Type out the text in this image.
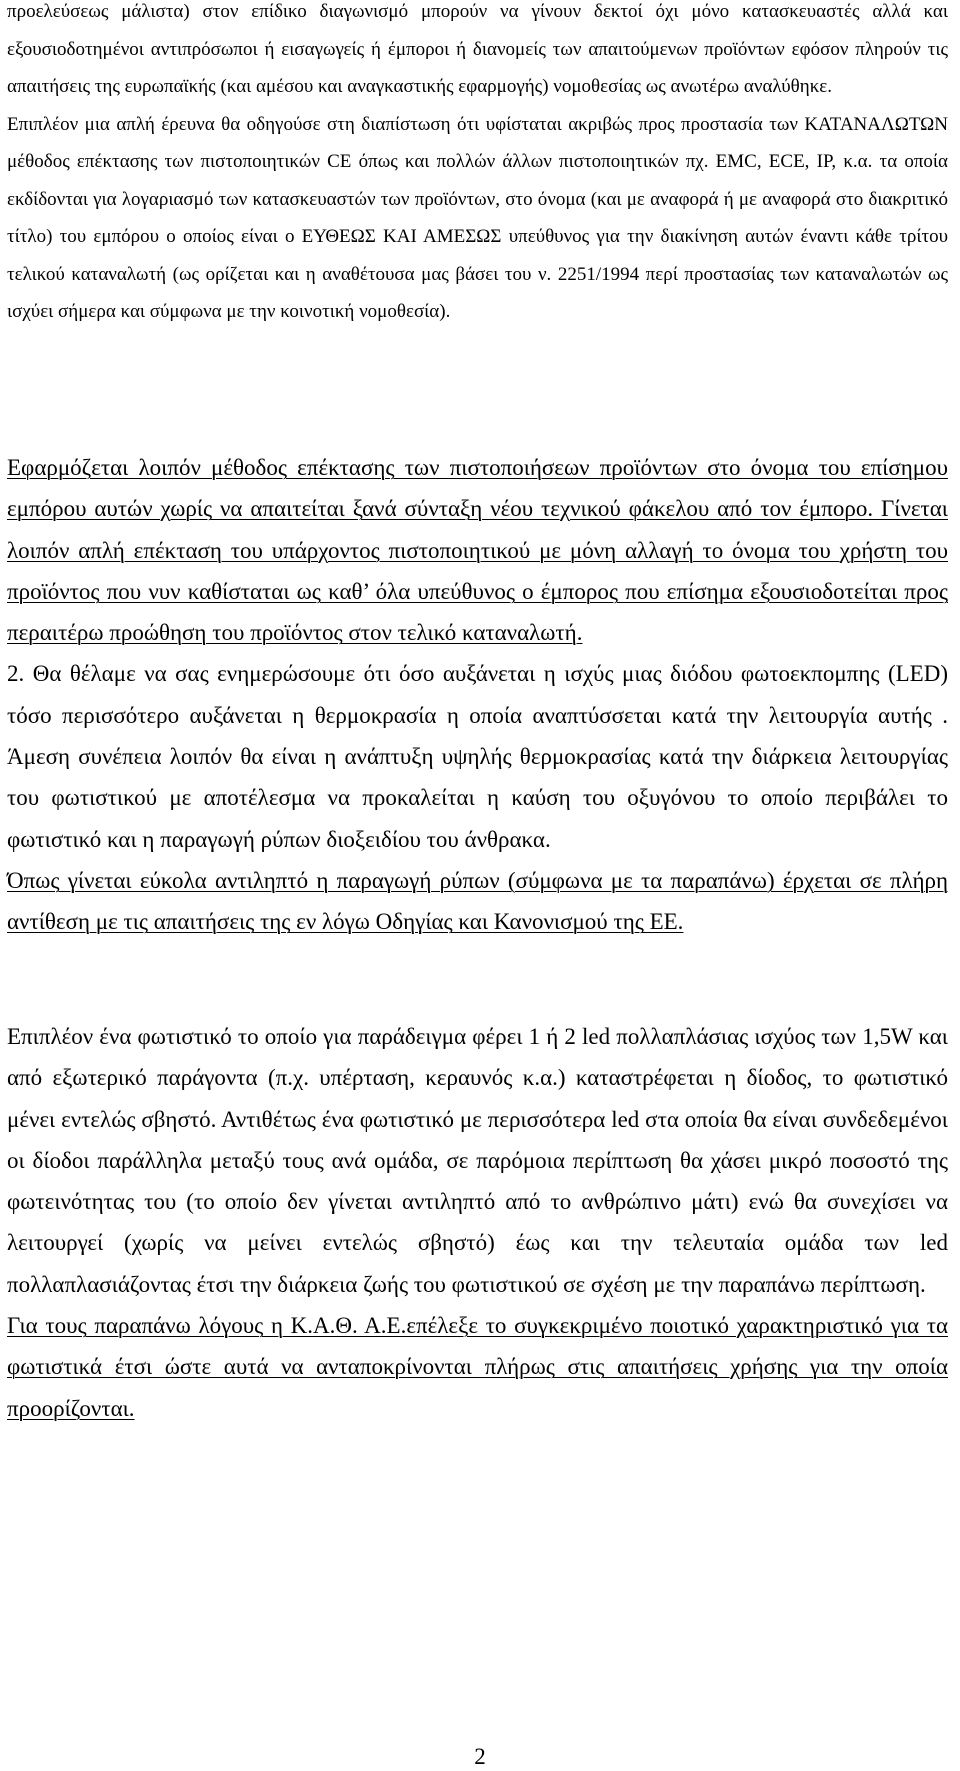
προελεύσεως μάλιστα) στον επίδικο διαγωνισμό μπορούν να γίνουν δεκτοί όχι μόνο κατασκευαστές αλλά και εξουσιοδοτημένοι αντιπρόσωποι ή εισαγωγείς ή έμποροι ή διανομείς των απαιτούμενων προϊόντων εφόσον πληρούν τις απαιτήσεις της ευρωπαϊκής (και αμέσου και αναγκαστικής εφαρμογής) νομοθεσίας ως ανωτέρω αναλύθηκε.

Επιπλέον μια απλή έρευνα θα οδηγούσε στη διαπίστωση ότι υφίσταται ακριβώς προς προστασία των ΚΑΤΑΝΑΛΩΤΩΝ μέθοδος επέκτασης των πιστοποιητικών CE όπως και πολλών άλλων πιστοποιητικών πχ. EMC, ECE, IP, κ.α. τα οποία εκδίδονται για λογαριασμό των κατασκευαστών των προϊόντων, στο όνομα (και με αναφορά ή με αναφορά στο διακριτικό τίτλο) του εμπόρου ο οποίος είναι ο ΕΥΘΕΩΣ ΚΑΙ ΑΜΕΣΩΣ υπεύθυνος για την διακίνηση αυτών έναντι κάθε τρίτου τελικού καταναλωτή (ως ορίζεται και η αναθέτουσα μας βάσει του ν. 2251/1994 περί προστασίας των καταναλωτών ως ισχύει σήμερα και σύμφωνα με την κοινοτική νομοθεσία).

Εφαρμόζεται λοιπόν μέθοδος επέκτασης των πιστοποιήσεων προϊόντων στο όνομα του επίσημου εμπόρου αυτών χωρίς να απαιτείται ξανά σύνταξη νέου τεχνικού φάκελου από τον έμπορο. Γίνεται λοιπόν απλή επέκταση του υπάρχοντος πιστοποιητικού με μόνη αλλαγή το όνομα του χρήστη του προϊόντος που νυν καθίσταται ως καθ’ όλα υπεύθυνος ο έμπορος που επίσημα εξουσιοδοτείται προς περαιτέρω προώθηση του προϊόντος στον τελικό καταναλωτή.

2. Θα θέλαμε να σας ενημερώσουμε ότι όσο αυξάνεται η ισχύς μιας διόδου φωτοεκπομπης (LED) τόσο περισσότερο αυξάνεται η θερμοκρασία η οποία αναπτύσσεται κατά την λειτουργία αυτής . Άμεση συνέπεια λοιπόν θα είναι η ανάπτυξη υψηλής θερμοκρασίας κατά την διάρκεια λειτουργίας του φωτιστικού με αποτέλεσμα να προκαλείται η καύση του οξυγόνου το οποίο περιβάλει το φωτιστικό και η παραγωγή ρύπων διοξειδίου του άνθρακα.

Όπως γίνεται εύκολα αντιληπτό η παραγωγή ρύπων (σύμφωνα με τα παραπάνω) έρχεται σε πλήρη αντίθεση με τις απαιτήσεις της εν λόγω Οδηγίας και Κανονισμού της ΕΕ.

Επιπλέον ένα φωτιστικό το οποίο για παράδειγμα φέρει 1 ή 2 led πολλαπλάσιας ισχύος των 1,5W και από εξωτερικό παράγοντα (π.χ. υπέρταση, κεραυνός κ.α.) καταστρέφεται η δίοδος, το φωτιστικό μένει εντελώς σβηστό. Αντιθέτως ένα φωτιστικό με περισσότερα led στα οποία θα είναι συνδεδεμένοι οι δίοδοι παράλληλα μεταξύ τους ανά ομάδα, σε παρόμοια περίπτωση θα χάσει μικρό ποσοστό της φωτεινότητας του (το οποίο δεν γίνεται αντιληπτό από το ανθρώπινο μάτι) ενώ θα συνεχίσει να λειτουργεί (χωρίς να μείνει εντελώς σβηστό) έως και την τελευταία ομάδα των led πολλαπλασιάζοντας έτσι την διάρκεια ζωής του φωτιστικού σε σχέση με την παραπάνω περίπτωση.

Για τους παραπάνω λόγους η Κ.Α.Θ. Α.Ε.επέλεξε το συγκεκριμένο ποιοτικό χαρακτηριστικό για τα φωτιστικά έτσι ώστε αυτά να ανταποκρίνονται πλήρως στις απαιτήσεις χρήσης για την οποία προορίζονται.

2
